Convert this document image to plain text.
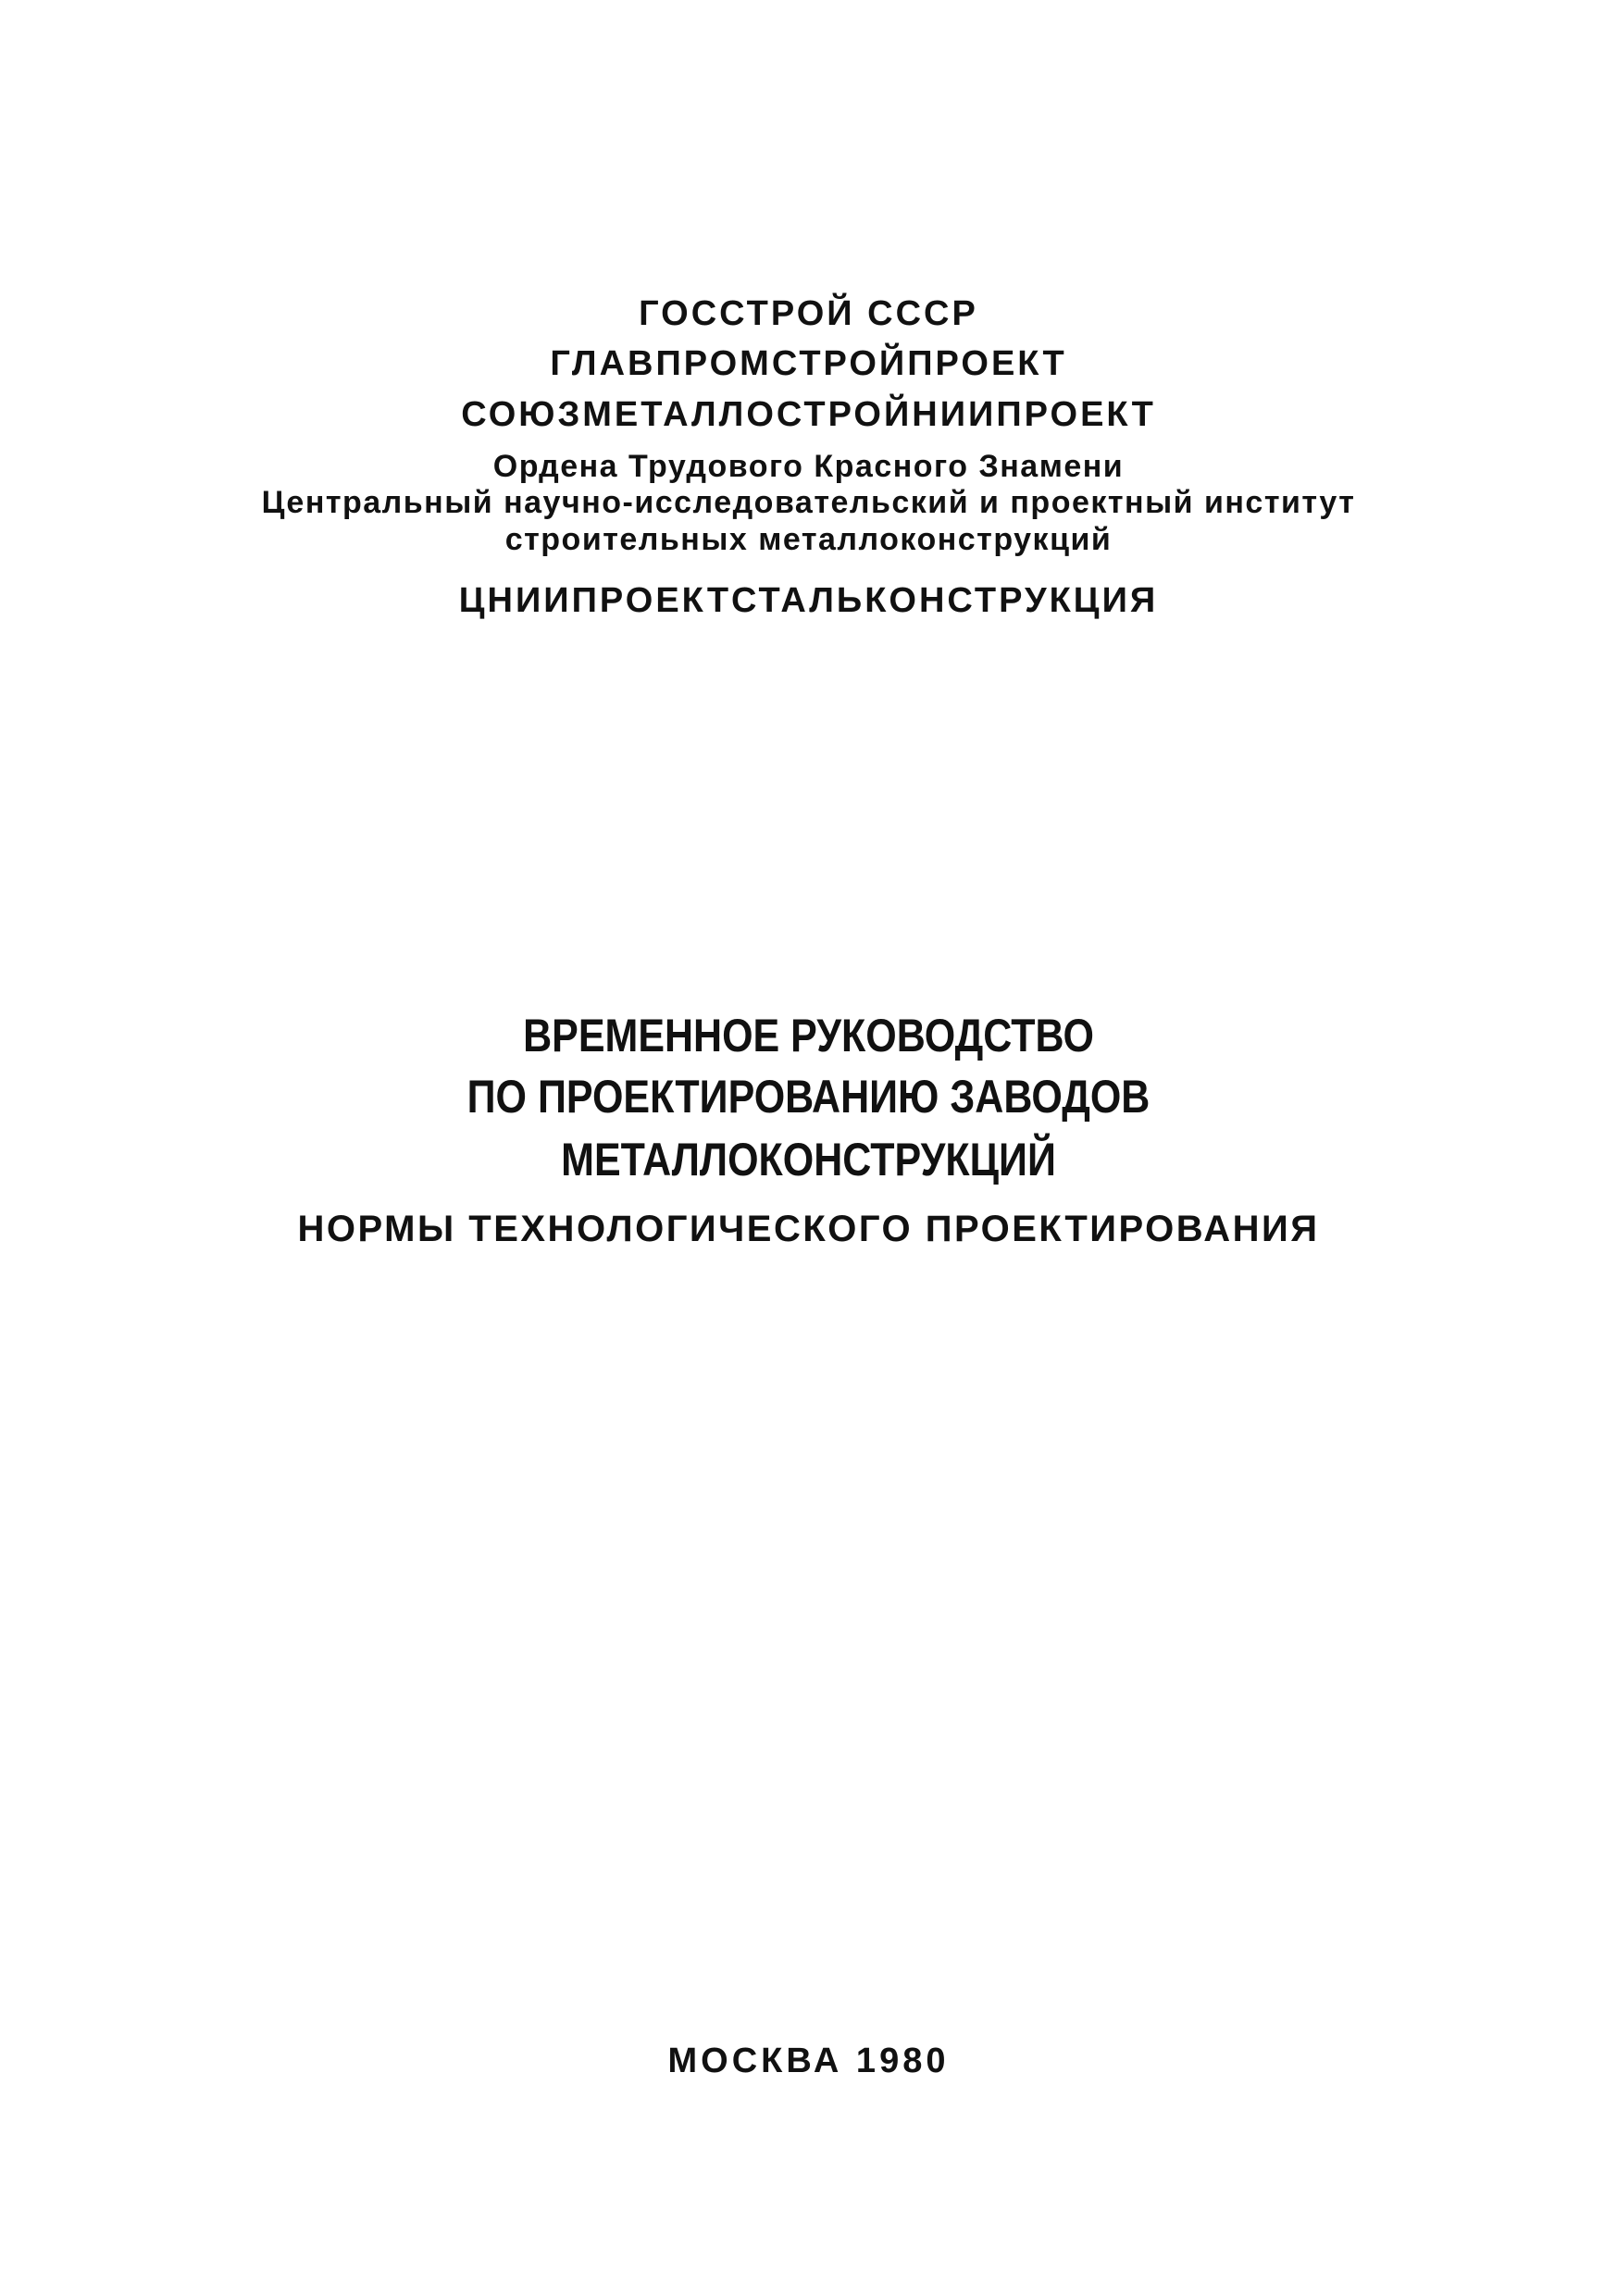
ГОССТРОЙ СССР

ГЛАВПРОМСТРОЙПРОЕКТ

СОЮЗМЕТАЛЛОСТРОЙНИИПРОЕКТ

Ордена Трудового Красного Знамени

Центральный научно-исследовательский и проектный институт

строительных металлоконструкций

ЦНИИПРОЕКТСТАЛЬКОНСТРУКЦИЯ

ВРЕМЕННОЕ РУКОВОДСТВО

ПО ПРОЕКТИРОВАНИЮ ЗАВОДОВ

МЕТАЛЛОКОНСТРУКЦИЙ

НОРМЫ ТЕХНОЛОГИЧЕСКОГО ПРОЕКТИРОВАНИЯ

МОСКВА 1980
